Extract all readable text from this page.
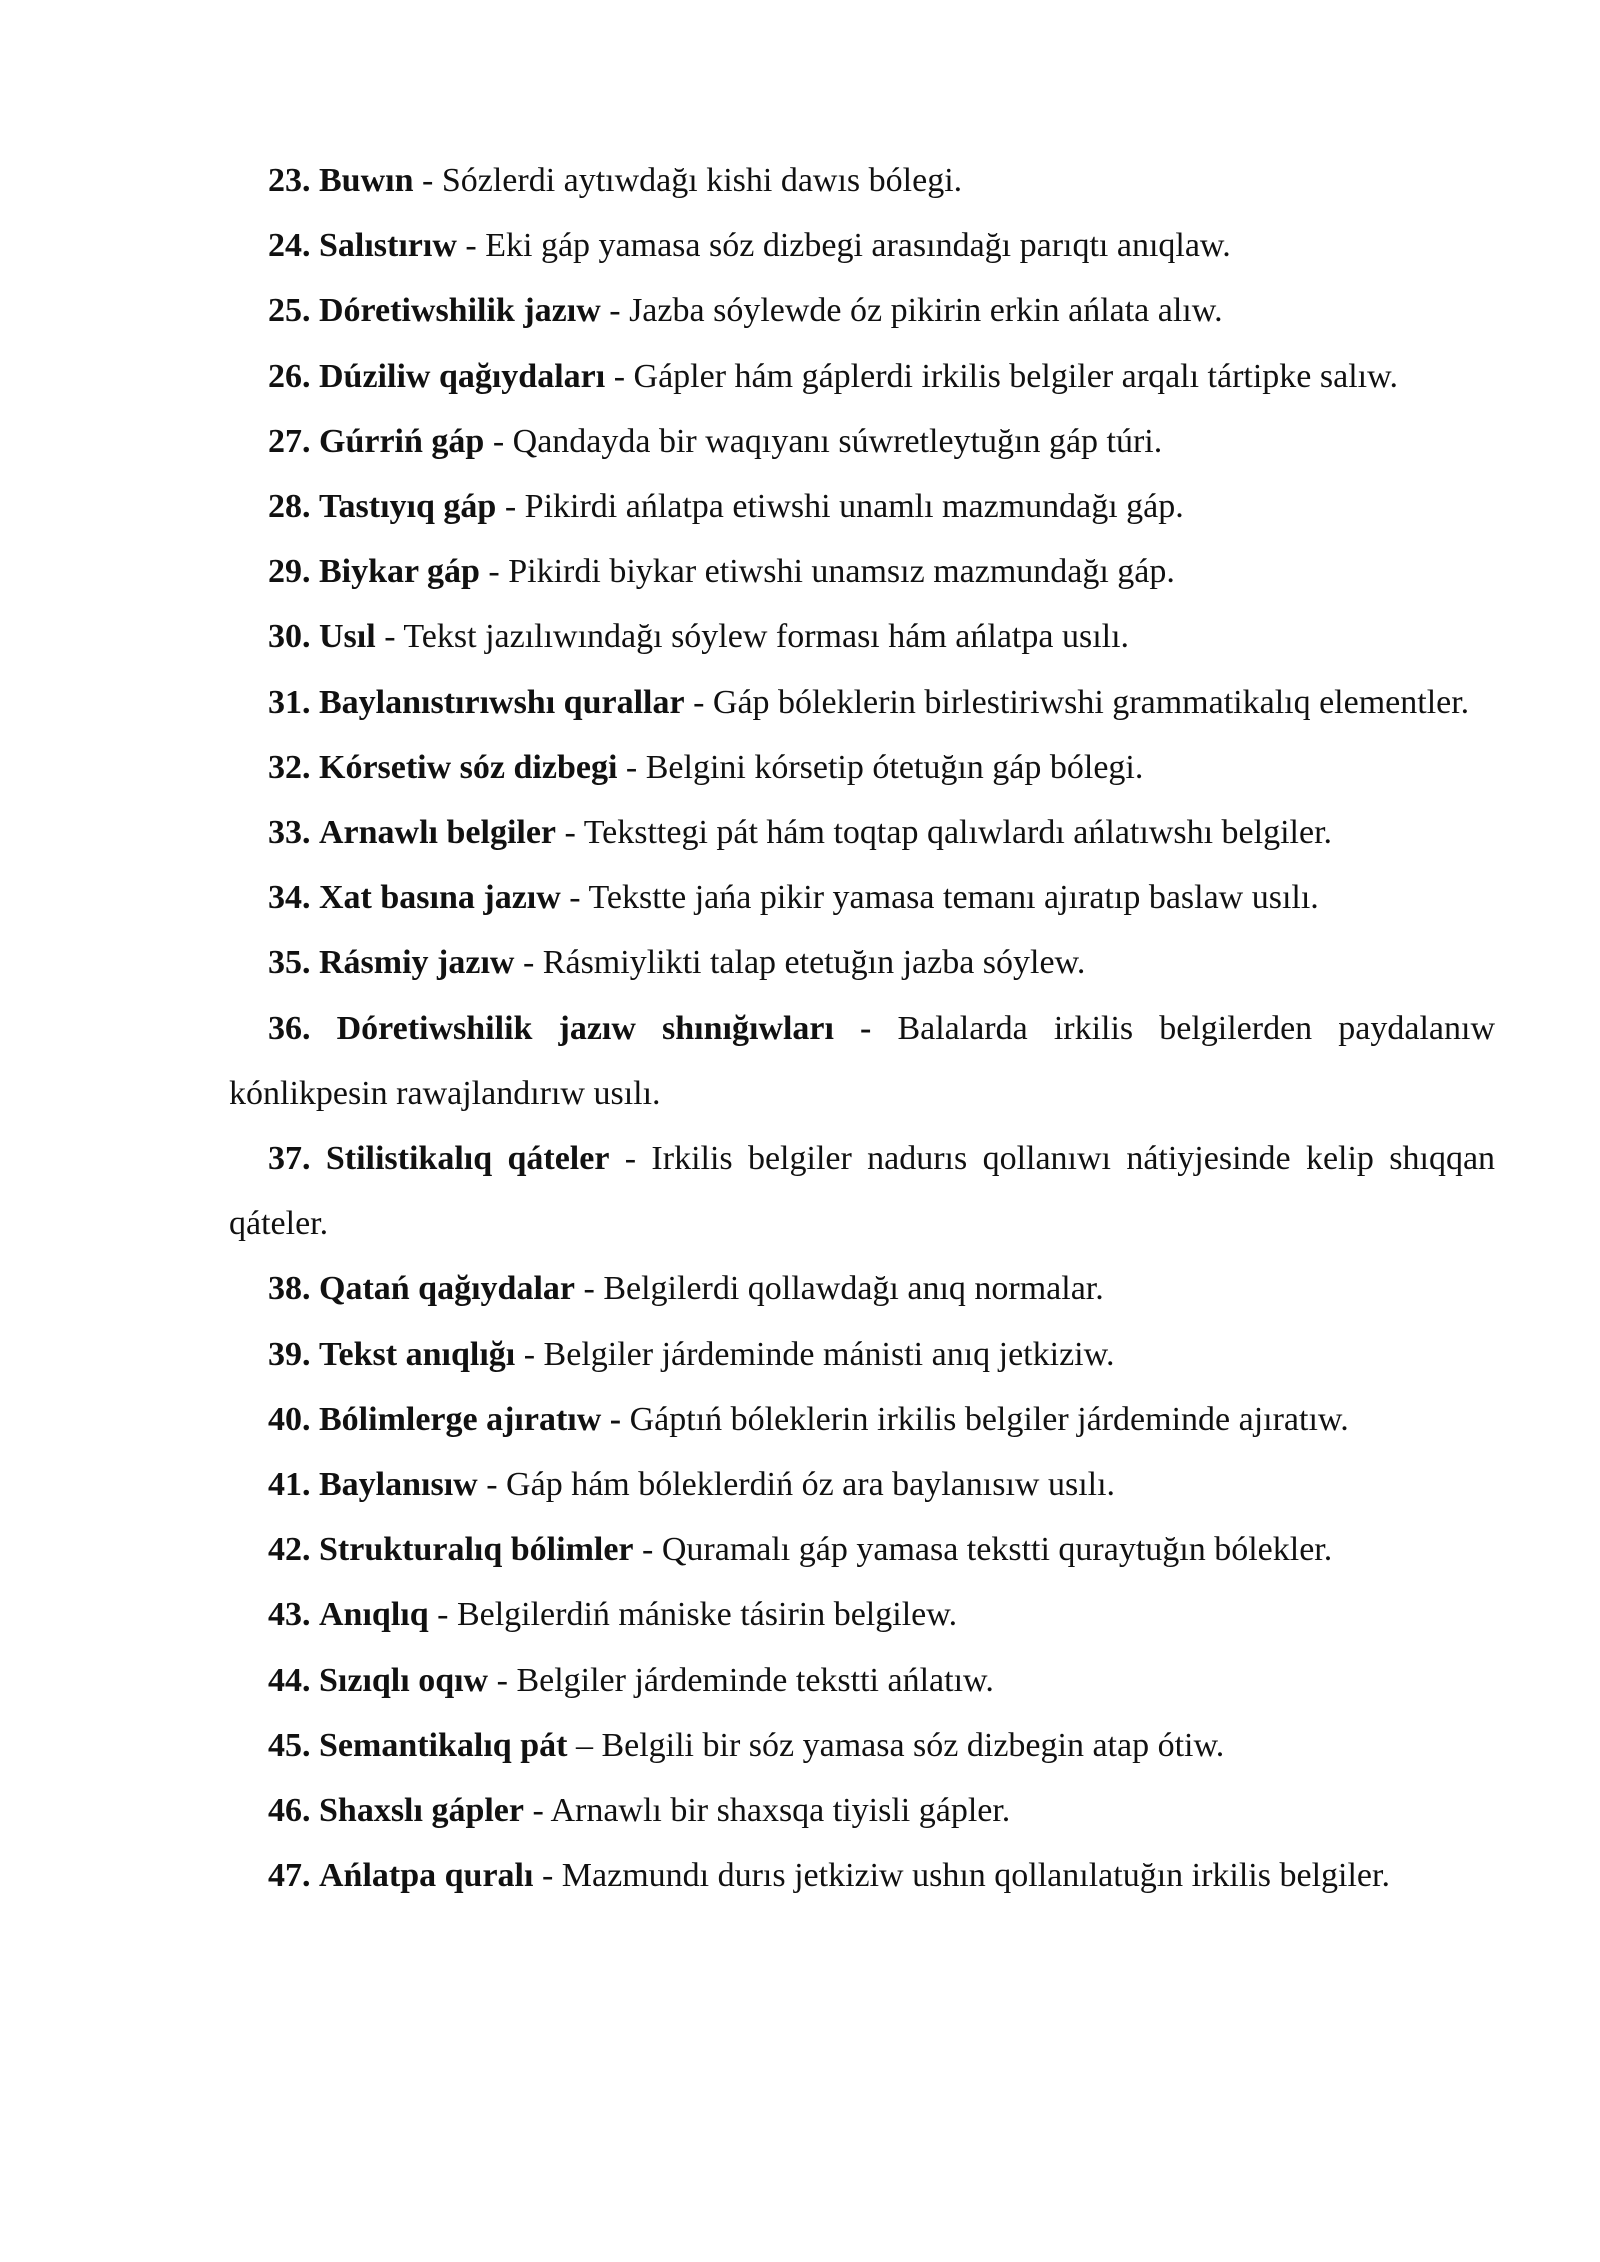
23. Buwın - Sózlerdi aytıwdağı kishi dawıs bólegi.
24. Salıstırıw - Eki gáp yamasa sóz dizbegi arasındağı parıqtı anıqlaw.
25. Dóretiwshilik jazıw - Jazba sóylewde óz pikirin erkin ańlata alıw.
26. Dúziliw qağıydaları - Gápler hám gáplerdi irkilis belgiler arqalı tártipke salıw.
27. Gúrriń gáp - Qandayda bir waqıyanı súwretleytuğın gáp túri.
28. Tastıyıq gáp - Pikirdi ańlatpa etiwshi unamlı mazmundağı gáp.
29. Biykar gáp - Pikirdi biykar etiwshi unamsız mazmundağı gáp.
30. Usıl - Tekst jazılıwındağı sóylew forması hám ańlatpa usılı.
31. Baylanıstırıwshı qurallar - Gáp bóleklerin birlestiriwshi grammatikalıq elementler.
32. Kórsetiw sóz dizbegi - Belgini kórsetip ótetuğın gáp bólegi.
33. Arnawlı belgiler - Teksttegi pát hám toqtap qalıwlardı ańlatıwshı belgiler.
34. Xat basına jazıw - Tekstte jańa pikir yamasa temanı ajıratıp baslaw usılı.
35. Rásmiy jazıw - Rásmiylikti talap etetuğın jazba sóylew.
36. Dóretiwshilik jazıw shınığıwları - Balalarda irkilis belgilerden paydalanıw kónlikpesin rawajlandırıw usılı.
37. Stilistikalıq qáteler - Irkilis belgiler nadurıs qollanıwı nátiyjesinde kelip shıqqan qáteler.
38. Qatań qağıydalar - Belgilerdi qollawdağı anıq normalar.
39. Tekst anıqlığı - Belgiler járdeminde mánisti anıq jetkiziw.
40. Bólimlerge ajıratıw - Gáptıń bóleklerin irkilis belgiler járdeminde ajıratıw.
41. Baylanısıw - Gáp hám bóleklerdiń óz ara baylanısıw usılı.
42. Strukturalıq bólimler - Quramalı gáp yamasa tekstti quraytuğın bólekler.
43. Anıqlıq - Belgilerdiń mániske tásirin belgilew.
44. Sızıqlı oqıw - Belgiler járdeminde tekstti ańlatıw.
45. Semantikalıq pát – Belgili bir sóz yamasa sóz dizbegin atap ótiw.
46. Shaxslı gápler - Arnawlı bir shaxsqa tiyisli gápler.
47. Ańlatpa quralı - Mazmundı durıs jetkiziw ushın qollanılatuğın irkilis belgiler.
